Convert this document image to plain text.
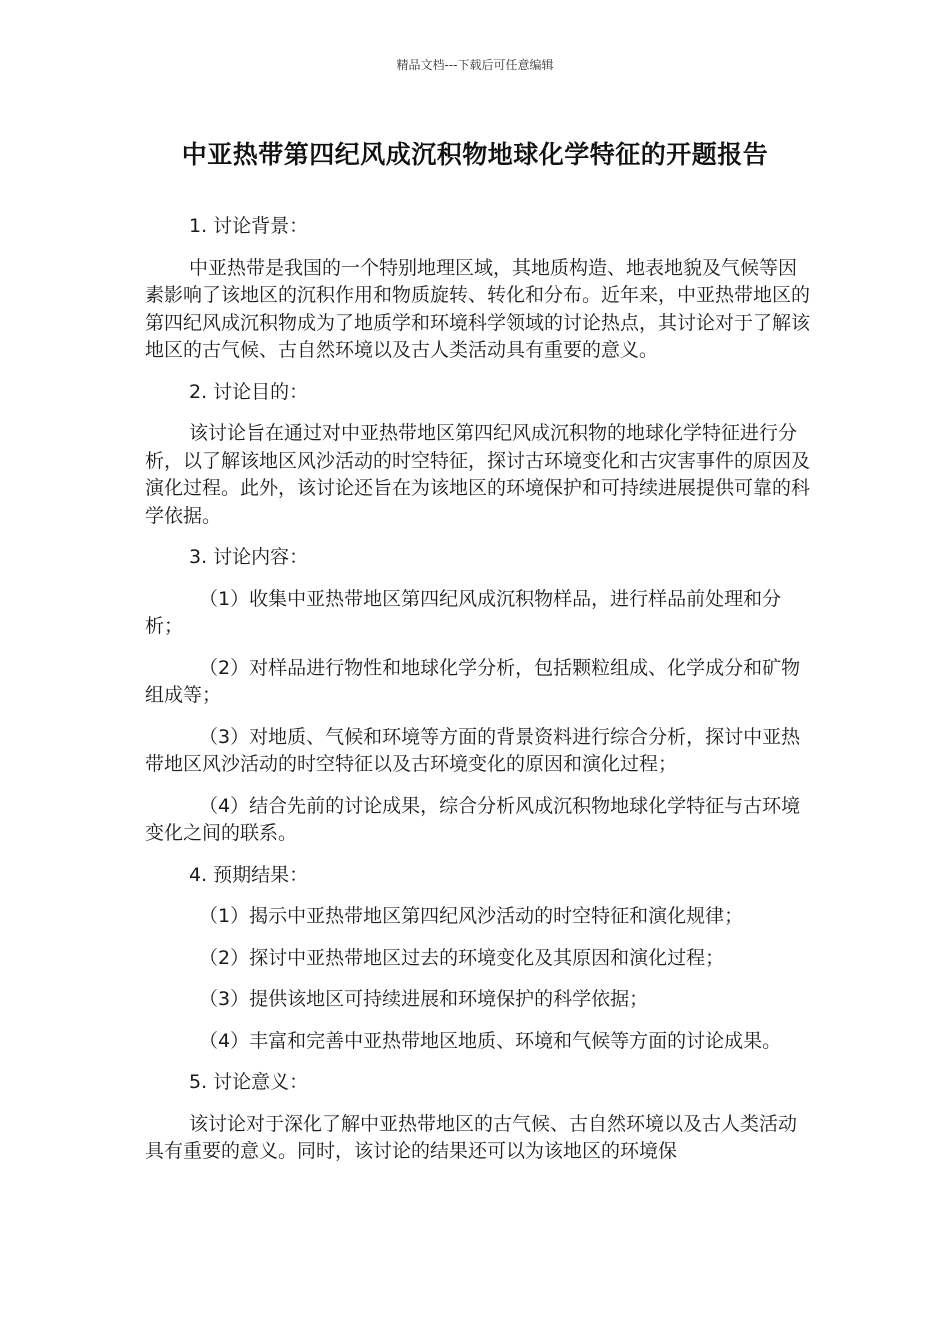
精品文档---下载后可任意编辑
中亚热带第四纪风成沉积物地球化学特征的开题报告
1. 讨论背景：
中亚热带是我国的一个特别地理区域，其地质构造、地表地貌及气候等因素影响了该地区的沉积作用和物质旋转、转化和分布。近年来，中亚热带地区的第四纪风成沉积物成为了地质学和环境科学领域的讨论热点，其讨论对于了解该地区的古气候、古自然环境以及古人类活动具有重要的意义。
2. 讨论目的：
该讨论旨在通过对中亚热带地区第四纪风成沉积物的地球化学特征进行分析，以了解该地区风沙活动的时空特征，探讨古环境变化和古灾害事件的原因及演化过程。此外，该讨论还旨在为该地区的环境保护和可持续进展提供可靠的科学依据。
3. 讨论内容：
（1）收集中亚热带地区第四纪风成沉积物样品，进行样品前处理和分析；
（2）对样品进行物性和地球化学分析，包括颗粒组成、化学成分和矿物组成等；
（3）对地质、气候和环境等方面的背景资料进行综合分析，探讨中亚热带地区风沙活动的时空特征以及古环境变化的原因和演化过程；
（4）结合先前的讨论成果，综合分析风成沉积物地球化学特征与古环境变化之间的联系。
4. 预期结果：
（1）揭示中亚热带地区第四纪风沙活动的时空特征和演化规律；
（2）探讨中亚热带地区过去的环境变化及其原因和演化过程；
（3）提供该地区可持续进展和环境保护的科学依据；
（4）丰富和完善中亚热带地区地质、环境和气候等方面的讨论成果。
5. 讨论意义：
该讨论对于深化了解中亚热带地区的古气候、古自然环境以及古人类活动具有重要的意义。同时，该讨论的结果还可以为该地区的环境保
